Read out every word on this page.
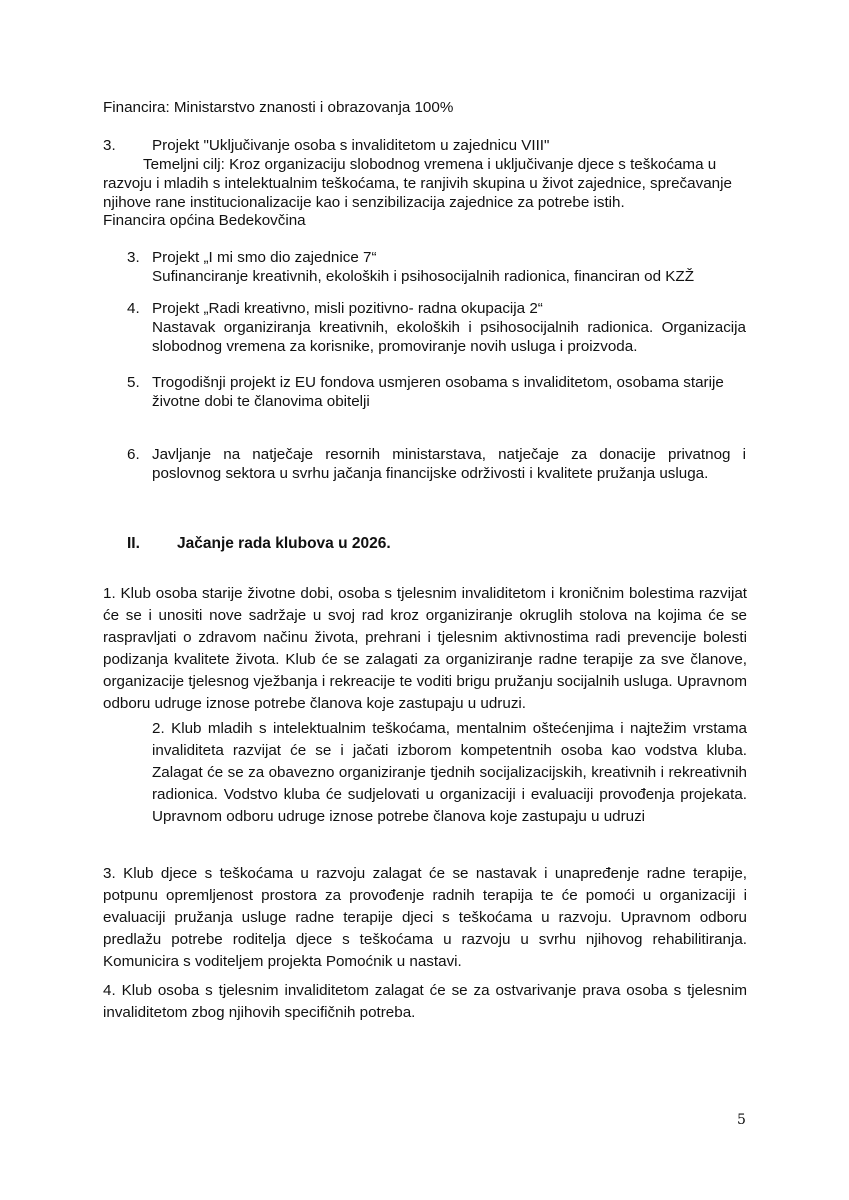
Financira: Ministarstvo znanosti i obrazovanja 100%
3. Projekt "Uključivanje osoba s invaliditetom u zajednicu VIII"
Temeljni cilj: Kroz organizaciju slobodnog vremena i uključivanje djece s teškoćama u
razvoju i mladih s intelektualnim teškoćama, te ranjivih skupina u život zajednice, sprečavanje
njihove rane institucionalizacije kao i senzibilizacija zajednice za potrebe istih.
Financira općina Bedekovčina
3. Projekt „I mi smo dio zajednice 7“
Sufinanciranje kreativnih, ekoloških i psihosocijalnih radionica, financiran od KZŽ
4. Projekt „Radi kreativno, misli pozitivno- radna okupacija 2“
Nastavak organiziranja kreativnih, ekoloških i psihosocijalnih radionica. Organizacija
slobodnog vremena za korisnike, promoviranje novih usluga i proizvoda.
5. Trogodišnji projekt iz EU fondova usmjeren osobama s invaliditetom, osobama starije
životne dobi te članovima obitelji
6. Javljanje na natječaje resornih ministarstava, natječaje za donacije privatnog i
poslovnog sektora u svrhu jačanja financijske održivosti i kvalitete pružanja usluga.
II. Jačanje rada klubova u 2026.
1. Klub osoba starije životne dobi, osoba s tjelesnim invaliditetom i kroničnim bolestima razvijat će se i unositi nove sadržaje u svoj rad kroz organiziranje okruglih stolova na kojima će se raspravljati o zdravom načinu života, prehrani i tjelesnim aktivnostima radi prevencije bolesti podizanja kvalitete života. Klub će se zalagati za organiziranje radne terapije za sve članove, organizacije tjelesnog vježbanja i rekreacije te voditi brigu pružanju socijalnih usluga. Upravnom odboru udruge iznose potrebe članova koje zastupaju u udruzi.
2. Klub mladih s intelektualnim teškoćama, mentalnim oštećenjima i najtežim vrstama invaliditeta razvijat će se i jačati izborom kompetentnih osoba kao vodstva kluba. Zalagat će se za obavezno organiziranje tjednih socijalizacijskih, kreativnih i rekreativnih radionica. Vodstvo kluba će sudjelovati u organizaciji i evaluaciji provođenja projekata. Upravnom odboru udruge iznose potrebe članova koje zastupaju u udruzi
3. Klub djece s teškoćama u razvoju zalagat će se nastavak i unapređenje radne terapije, potpunu opremljenost prostora za provođenje radnih terapija te će pomoći u organizaciji i evaluaciji pružanja usluge radne terapije djeci s teškoćama u razvoju. Upravnom odboru predlažu potrebe roditelja djece s teškoćama u razvoju u svrhu njihovog rehabilitiranja. Komunicira s voditeljem projekta Pomoćnik u nastavi.
4. Klub osoba s tjelesnim invaliditetom zalagat će se za ostvarivanje prava osoba s tjelesnim invaliditetom zbog njihovih specifičnih potreba.
5
